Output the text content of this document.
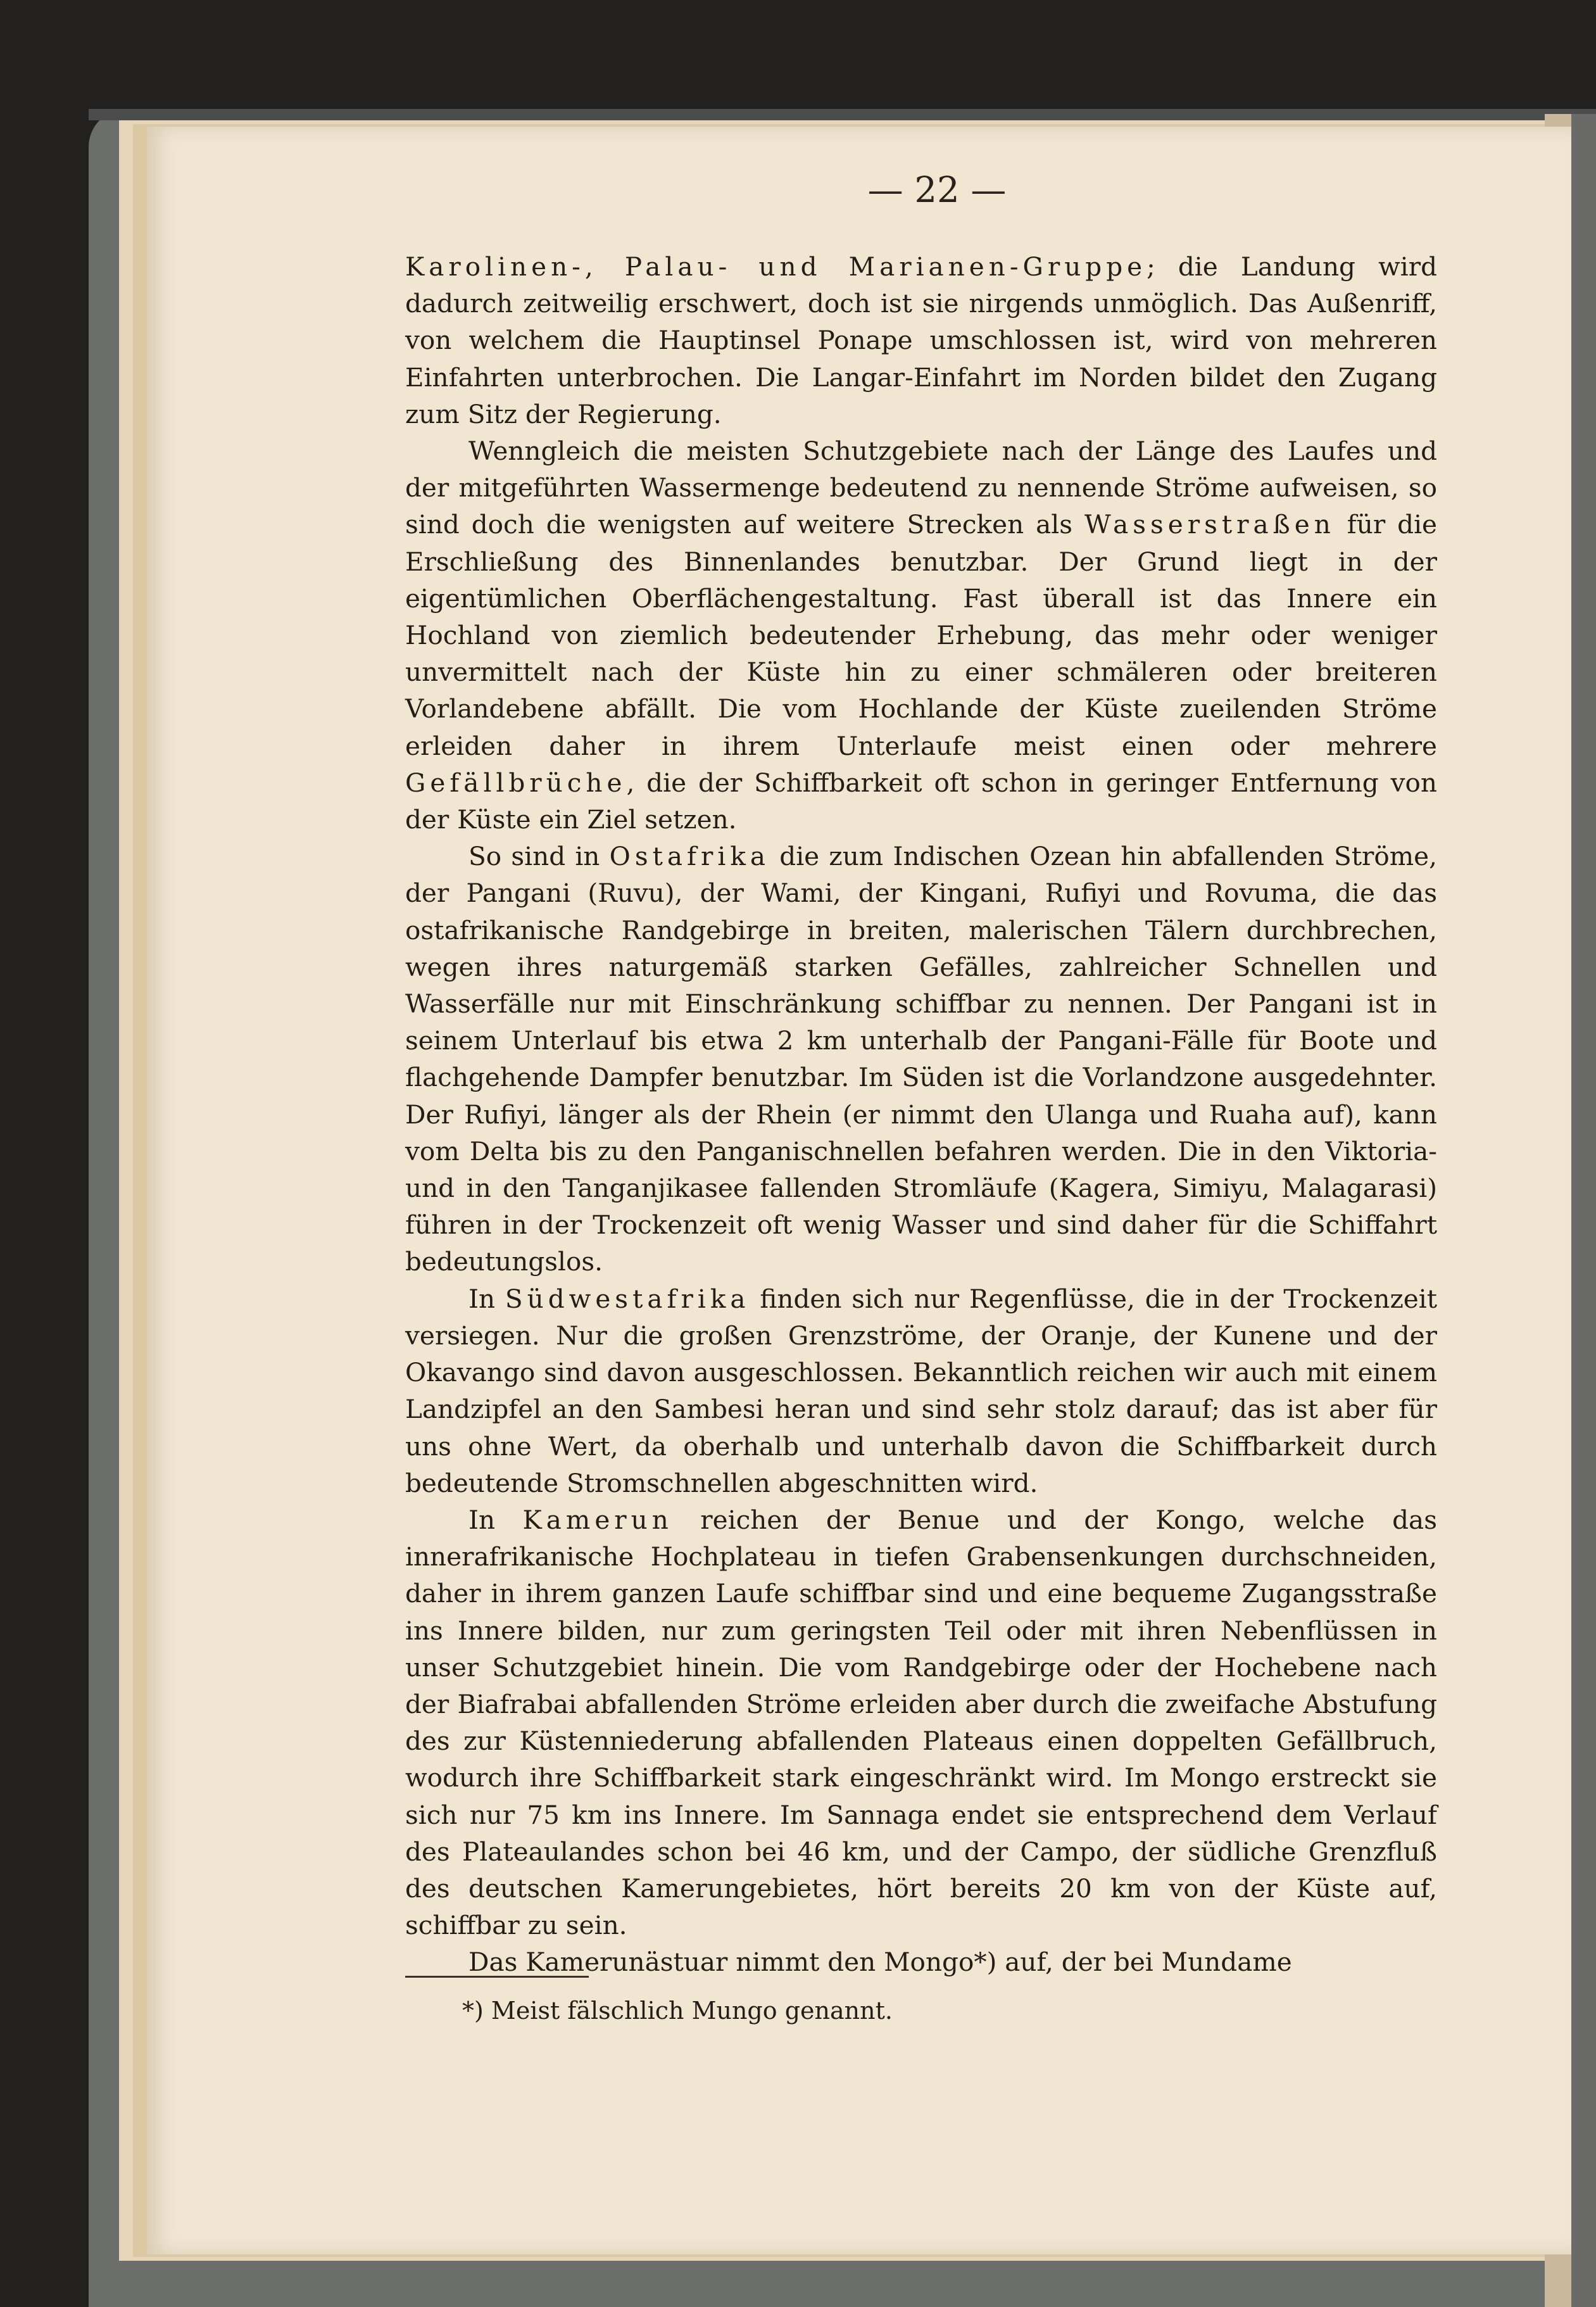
— 22 —

Karolinen-, Palau- und Marianen-Gruppe; die Landung wird dadurch zeitweilig erschwert, doch ist sie nirgends unmöglich. Das Außenriff, von welchem die Hauptinsel Ponape umschlossen ist, wird von mehreren Einfahrten unterbrochen. Die Langar-Einfahrt im Norden bildet den Zugang zum Sitz der Regierung.

Wenngleich die meisten Schutzgebiete nach der Länge des Laufes und der mitgeführten Wassermenge bedeutend zu nennende Ströme aufweisen, so sind doch die wenigsten auf weitere Strecken als Wasserstraßen für die Erschließung des Binnenlandes benutzbar. Der Grund liegt in der eigentümlichen Oberflächengestaltung. Fast überall ist das Innere ein Hochland von ziemlich bedeutender Erhebung, das mehr oder weniger unvermittelt nach der Küste hin zu einer schmäleren oder breiteren Vorlandebene abfällt. Die vom Hochlande der Küste zueilenden Ströme erleiden daher in ihrem Unterlaufe meist einen oder mehrere Gefällbrüche, die der Schiffbarkeit oft schon in geringer Entfernung von der Küste ein Ziel setzen.

So sind in Ostafrika die zum Indischen Ozean hin abfallenden Ströme, der Pangani (Ruvu), der Wami, der Kingani, Rufiyi und Rovuma, die das ostafrikanische Randgebirge in breiten, malerischen Tälern durchbrechen, wegen ihres naturgemäß starken Gefälles, zahlreicher Schnellen und Wasserfälle nur mit Einschränkung schiffbar zu nennen. Der Pangani ist in seinem Unterlauf bis etwa 2 km unterhalb der Pangani-Fälle für Boote und flachgehende Dampfer benutzbar. Im Süden ist die Vorlandzone ausgedehnter. Der Rufiyi, länger als der Rhein (er nimmt den Ulanga und Ruaha auf), kann vom Delta bis zu den Panganischnellen befahren werden. Die in den Viktoria- und in den Tanganjikasee fallenden Stromläufe (Kagera, Simiyu, Malagarasi) führen in der Trockenzeit oft wenig Wasser und sind daher für die Schiffahrt bedeutungslos.

In Südwestafrika finden sich nur Regenflüsse, die in der Trockenzeit versiegen. Nur die großen Grenzströme, der Oranje, der Kunene und der Okavango sind davon ausgeschlossen. Bekanntlich reichen wir auch mit einem Landzipfel an den Sambesi heran und sind sehr stolz darauf; das ist aber für uns ohne Wert, da oberhalb und unterhalb davon die Schiffbarkeit durch bedeutende Stromschnellen abgeschnitten wird.

In Kamerun reichen der Benue und der Kongo, welche das innerafrikanische Hochplateau in tiefen Grabensenkungen durchschneiden, daher in ihrem ganzen Laufe schiffbar sind und eine bequeme Zugangsstraße ins Innere bilden, nur zum geringsten Teil oder mit ihren Nebenflüssen in unser Schutzgebiet hinein. Die vom Randgebirge oder der Hochebene nach der Biafrabai abfallenden Ströme erleiden aber durch die zweifache Abstufung des zur Küstenniederung abfallenden Plateaus einen doppelten Gefällbruch, wodurch ihre Schiffbarkeit stark eingeschränkt wird. Im Mongo erstreckt sie sich nur 75 km ins Innere. Im Sannaga endet sie entsprechend dem Verlauf des Plateaulandes schon bei 46 km, und der Campo, der südliche Grenzfluß des deutschen Kamerungebietes, hört bereits 20 km von der Küste auf, schiffbar zu sein.

Das Kamerunästuar nimmt den Mongo*) auf, der bei Mundame

*) Meist fälschlich Mungo genannt.
